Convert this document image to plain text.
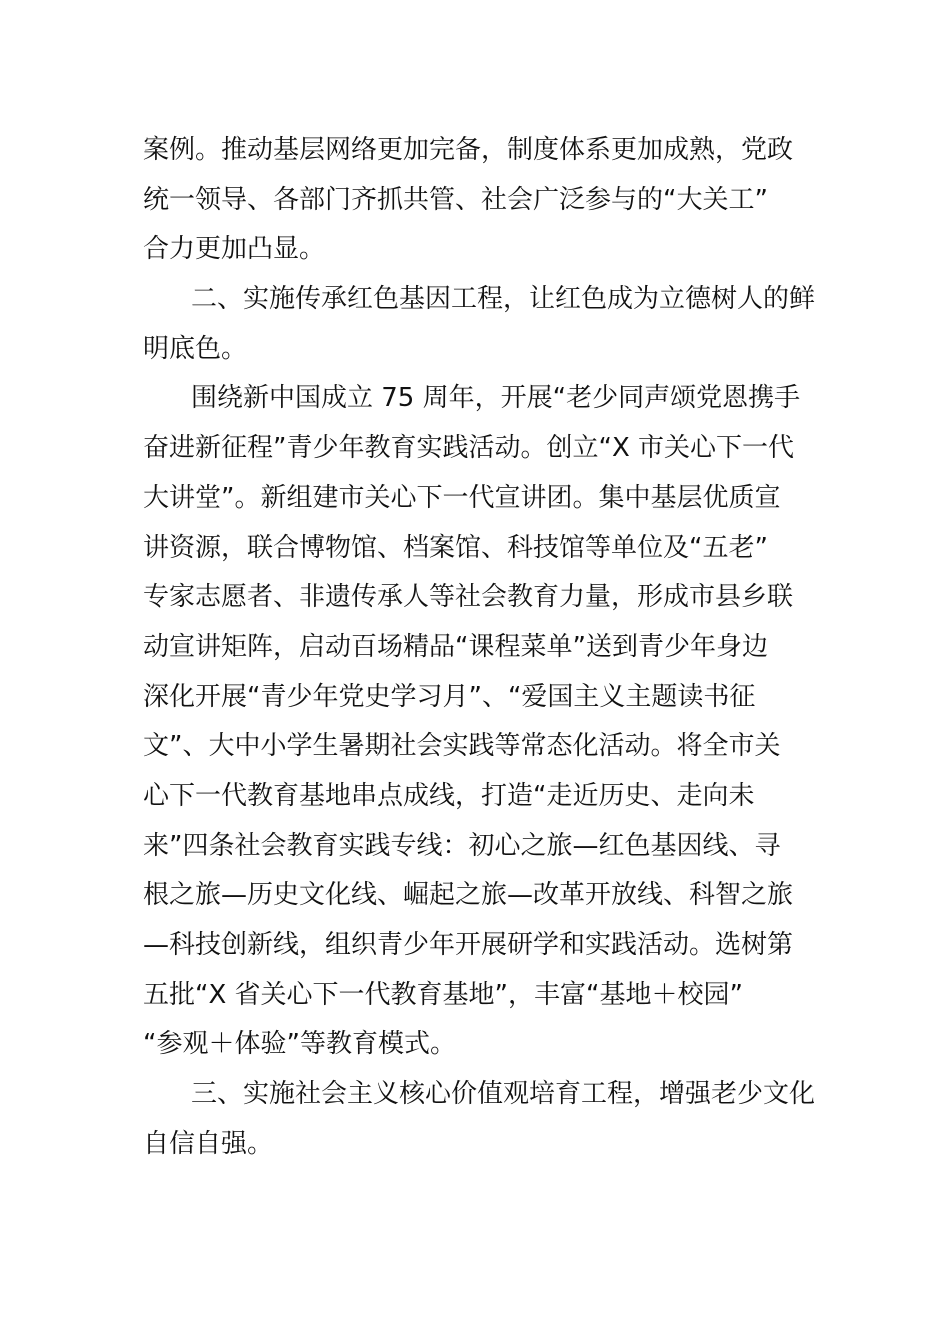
案例。推动基层网络更加完备，制度体系更加成熟，党政
统一领导、各部门齐抓共管、社会广泛参与的“大关工”
合力更加凸显。
二、实施传承红色基因工程，让红色成为立德树人的鲜
明底色。
围绕新中国成立 75 周年，开展“老少同声颂党恩携手
奋进新征程”青少年教育实践活动。创立“X 市关心下一代
大讲堂”。新组建市关心下一代宣讲团。集中基层优质宣
讲资源，联合博物馆、档案馆、科技馆等单位及“五老”
专家志愿者、非遗传承人等社会教育力量，形成市县乡联
动宣讲矩阵，启动百场精品“课程菜单”送到青少年身边
深化开展“青少年党史学习月”、“爱国主义主题读书征
文”、大中小学生暑期社会实践等常态化活动。将全市关
心下一代教育基地串点成线，打造“走近历史、走向未
来”四条社会教育实践专线：初心之旅—红色基因线、寻
根之旅—历史文化线、崛起之旅—改革开放线、科智之旅
—科技创新线，组织青少年开展研学和实践活动。选树第
五批“X 省关心下一代教育基地”，丰富“基地＋校园”
“参观＋体验”等教育模式。
三、实施社会主义核心价值观培育工程，增强老少文化
自信自强。
